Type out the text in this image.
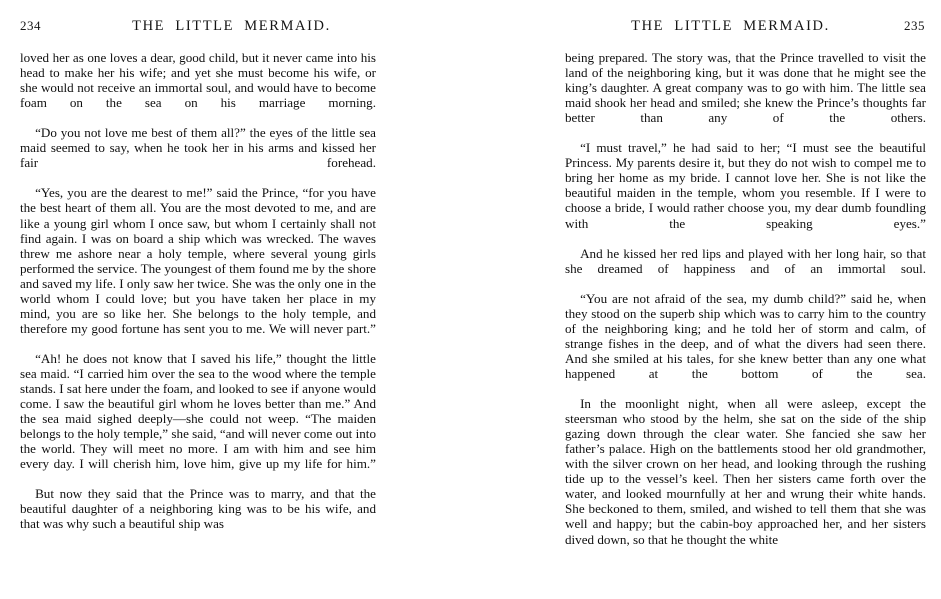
234	THE LITTLE MERMAID.

loved her as one loves a dear, good child, but it never came into his head to make her his wife; and yet she must become his wife, or she would not receive an immortal soul, and would have to become foam on the sea on his marriage morning.

“Do you not love me best of them all?” the eyes of the little sea maid seemed to say, when he took her in his arms and kissed her fair forehead.

“Yes, you are the dearest to me!” said the Prince, “for you have the best heart of them all. You are the most devoted to me, and are like a young girl whom I once saw, but whom I certainly shall not find again. I was on board a ship which was wrecked. The waves threw me ashore near a holy temple, where several young girls performed the service. The youngest of them found me by the shore and saved my life. I only saw her twice. She was the only one in the world whom I could love; but you have taken her place in my mind, you are so like her. She belongs to the holy temple, and therefore my good fortune has sent you to me. We will never part.”

“Ah! he does not know that I saved his life,” thought the little sea maid. “I carried him over the sea to the wood where the temple stands. I sat here under the foam, and looked to see if anyone would come. I saw the beautiful girl whom he loves better than me.” And the sea maid sighed deeply—she could not weep. “The maiden belongs to the holy temple,” she said, “and will never come out into the world. They will meet no more. I am with him and see him every day. I will cherish him, love him, give up my life for him.”

But now they said that the Prince was to marry, and that the beautiful daughter of a neighboring king was to be his wife, and that was why such a beautiful ship was

THE LITTLE MERMAID.	235

being prepared. The story was, that the Prince travelled to visit the land of the neighboring king, but it was done that he might see the king’s daughter. A great company was to go with him. The little sea maid shook her head and smiled; she knew the Prince’s thoughts far better than any of the others.

“I must travel,” he had said to her; “I must see the beautiful Princess. My parents desire it, but they do not wish to compel me to bring her home as my bride. I cannot love her. She is not like the beautiful maiden in the temple, whom you resemble. If I were to choose a bride, I would rather choose you, my dear dumb foundling with the speaking eyes.”

And he kissed her red lips and played with her long hair, so that she dreamed of happiness and of an immortal soul.

“You are not afraid of the sea, my dumb child?” said he, when they stood on the superb ship which was to carry him to the country of the neighboring king; and he told her of storm and calm, of strange fishes in the deep, and of what the divers had seen there. And she smiled at his tales, for she knew better than any one what happened at the bottom of the sea.

In the moonlight night, when all were asleep, except the steersman who stood by the helm, she sat on the side of the ship gazing down through the clear water. She fancied she saw her father’s palace. High on the battlements stood her old grandmother, with the silver crown on her head, and looking through the rushing tide up to the vessel’s keel. Then her sisters came forth over the water, and looked mournfully at her and wrung their white hands. She beckoned to them, smiled, and wished to tell them that she was well and happy; but the cabin-boy approached her, and her sisters dived down, so that he thought the white
